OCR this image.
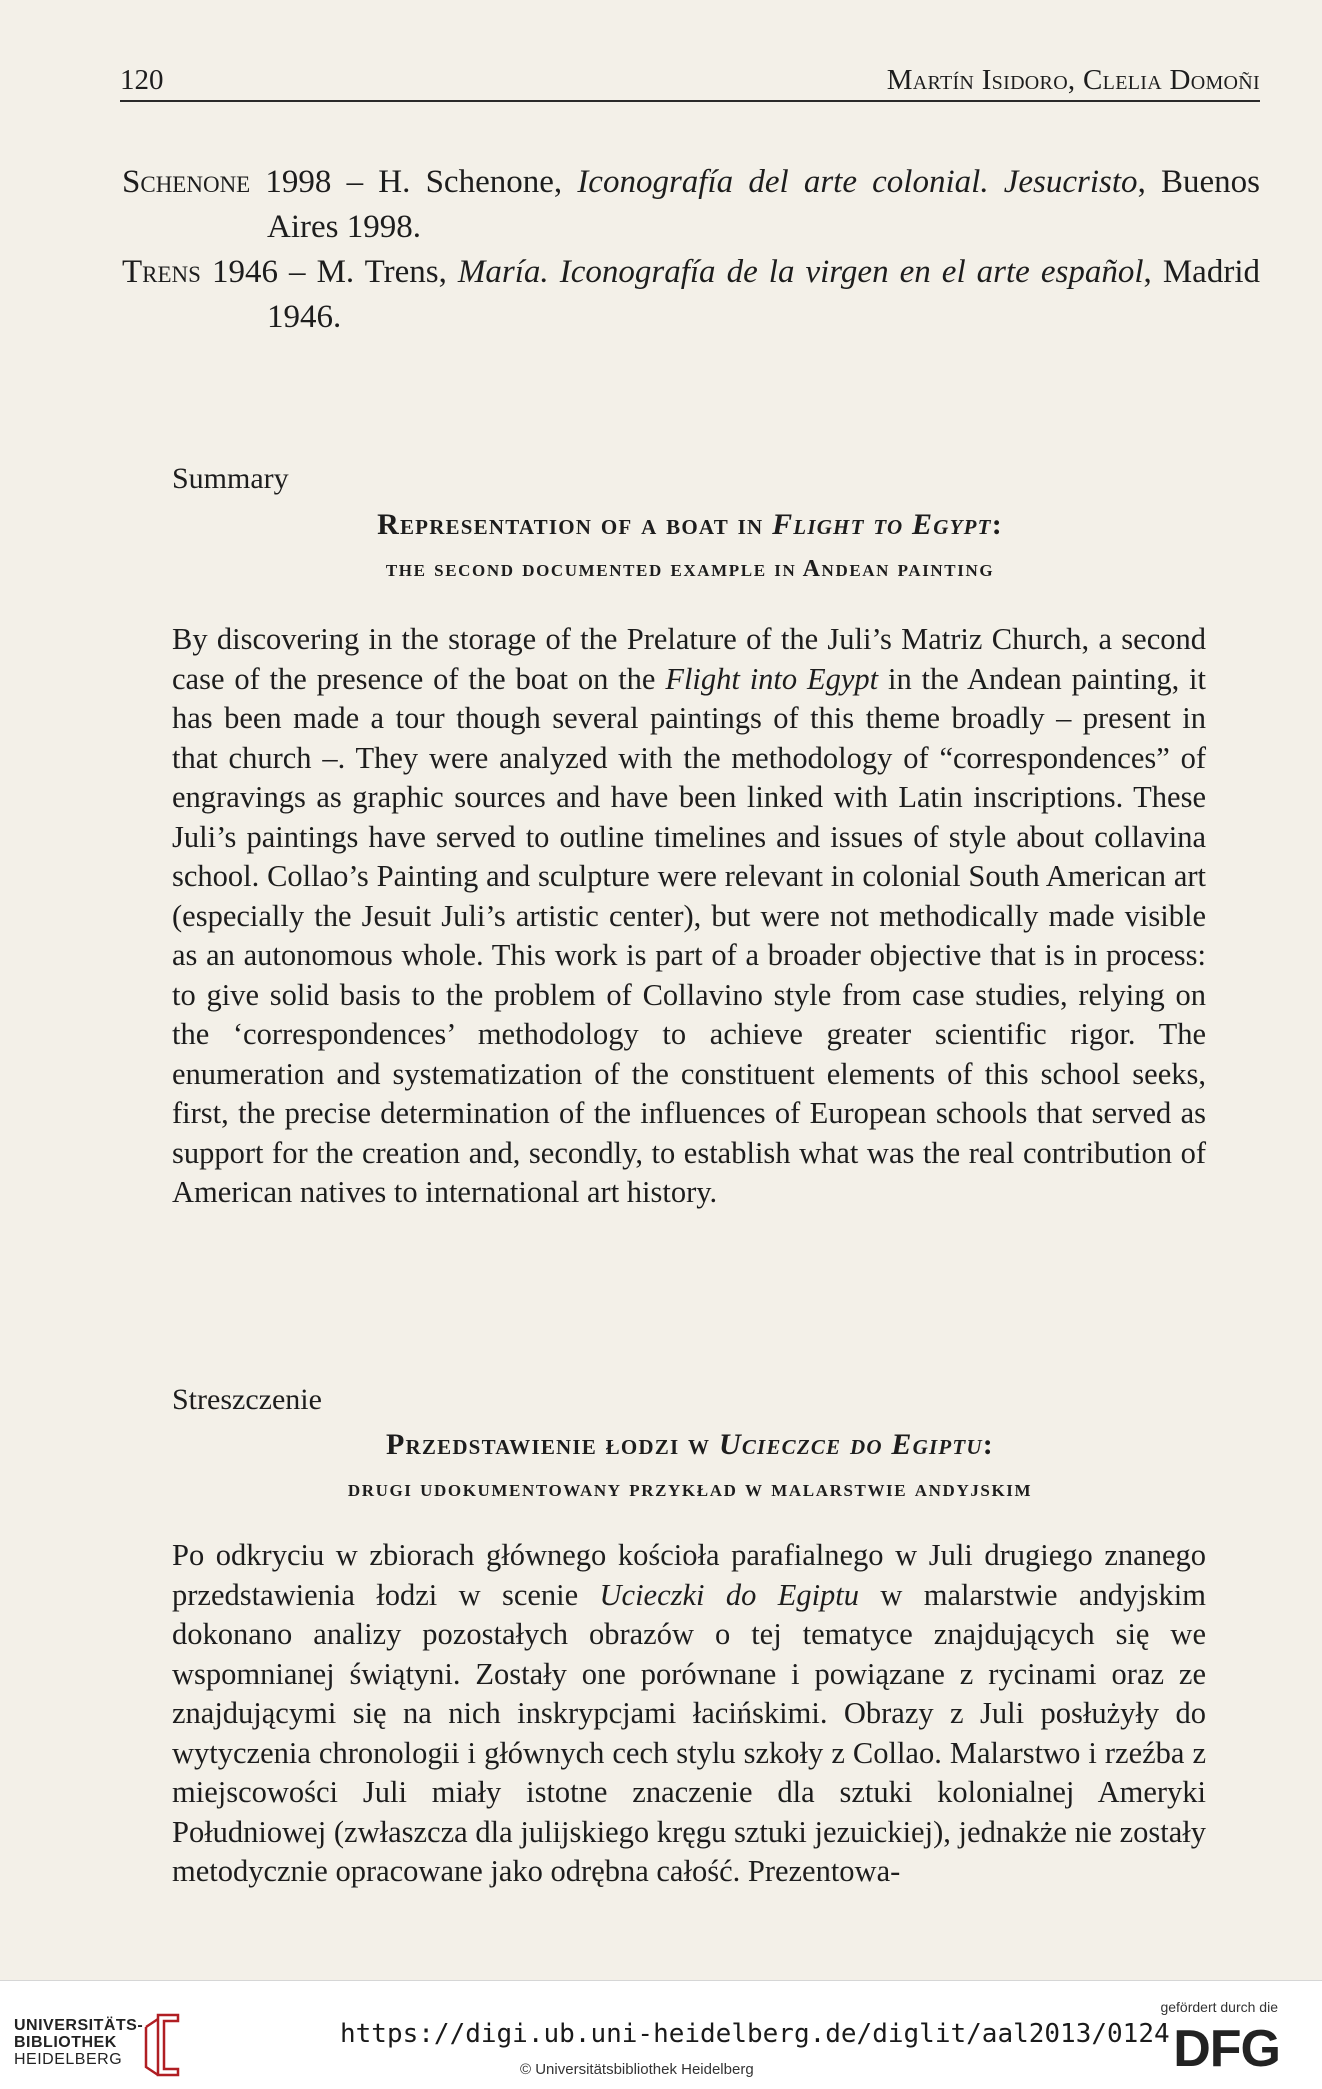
120	Martín Isidoro, Clelia Domoñi
Schenone 1998 – H. Schenone, Iconografía del arte colonial. Jesucristo, Buenos Aires 1998.
Trens 1946 – M. Trens, María. Iconografía de la virgen en el arte español, Madrid 1946.
Summary
Representation of a boat in Flight to Egypt:
the second documented example in Andean painting
By discovering in the storage of the Prelature of the Juli’s Matriz Church, a second case of the presence of the boat on the Flight into Egypt in the Andean painting, it has been made a tour though several paintings of this theme broadly – present in that church –. They were analyzed with the methodology of “correspondences” of engravings as graphic sources and have been linked with Latin inscriptions. These Juli’s paintings have served to outline timelines and issues of style about collavina school. Collao’s Painting and sculpture were relevant in colonial South American art (especially the Jesuit Juli’s artistic center), but were not methodically made visible as an autonomous whole. This work is part of a broader objective that is in process: to give solid basis to the problem of Collavino style from case studies, relying on the ‘correspondences’ methodology to achieve greater scientific rigor. The enumeration and systematization of the constituent elements of this school seeks, first, the precise determination of the influences of European schools that served as support for the creation and, secondly, to establish what was the real contribution of American natives to international art history.
Streszczenie
Przedstawienie łodzi w Ucieczce do Egiptu:
drugi udokumentowany przykład w malarstwie andyjskim
Po odkryciu w zbiorach głównego kościoła parafialnego w Juli drugiego znanego przedstawienia łodzi w scenie Ucieczki do Egiptu w malarstwie andyjskim dokonano analizy pozostałych obrazów o tej tematyce znajdujących się we wspomnianej świątyni. Zostały one porównane i powiązane z rycinami oraz ze znajdującymi się na nich inskrypcjami łacińskimi. Obrazy z Juli posłużyły do wytyczenia chronologii i głównych cech stylu szkoły z Collao. Malarstwo i rzeźba z miejscowości Juli miały istotne znaczenie dla sztuki kolonialnej Ameryki Południowej (zwłaszcza dla julijskiego kręgu sztuki jezuickiej), jednakże nie zostały metodycznie opracowane jako odrębna całość. Prezentowa-
UNIVERSITÄTS-
BIBLIOTHEK
HEIDELBERG
https://digi.ub.uni-heidelberg.de/diglit/aal2013/0124
© Universitätsbibliothek Heidelberg
gefördert durch die
DFG
